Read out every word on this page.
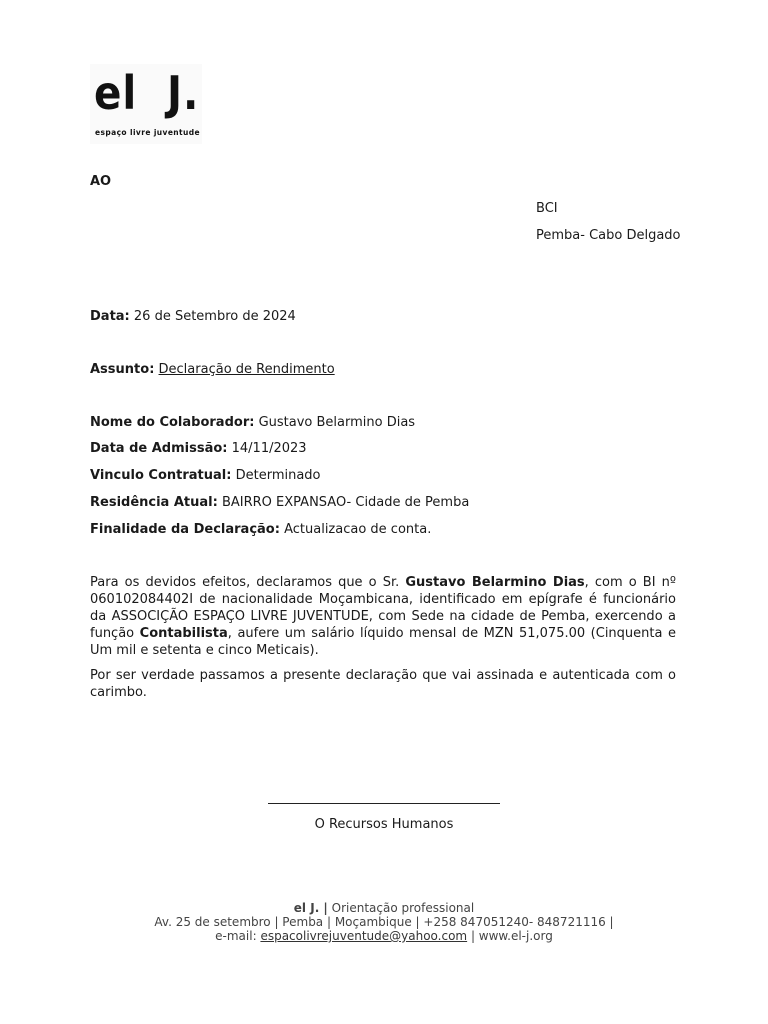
el  J.
espaço livre juventude
AO
BCI
Pemba- Cabo Delgado
Data: 26 de Setembro de 2024
Assunto: Declaração de Rendimento
Nome do Colaborador: Gustavo Belarmino Dias
Data de Admissão: 14/11/2023
Vinculo Contratual: Determinado
Residência Atual: BAIRRO EXPANSAO- Cidade de Pemba
Finalidade da Declaração: Actualizacao de conta.
Para os devidos efeitos, declaramos que o Sr. Gustavo Belarmino Dias, com o BI nº 060102084402I de nacionalidade Moçambicana, identificado em epígrafe é funcionário da ASSOCIÇÃO ESPAÇO LIVRE JUVENTUDE, com Sede na cidade de Pemba, exercendo a função Contabilista, aufere um salário líquido mensal de MZN 51,075.00 (Cinquenta e Um mil e setenta e cinco Meticais).
Por ser verdade passamos a presente declaração que vai assinada e autenticada com o carimbo.
O Recursos Humanos
el J. | Orientação professional
Av. 25 de setembro | Pemba | Moçambique | +258 847051240- 848721116 |
e-mail: espacolivrejuventude@yahoo.com | www.el-j.org
